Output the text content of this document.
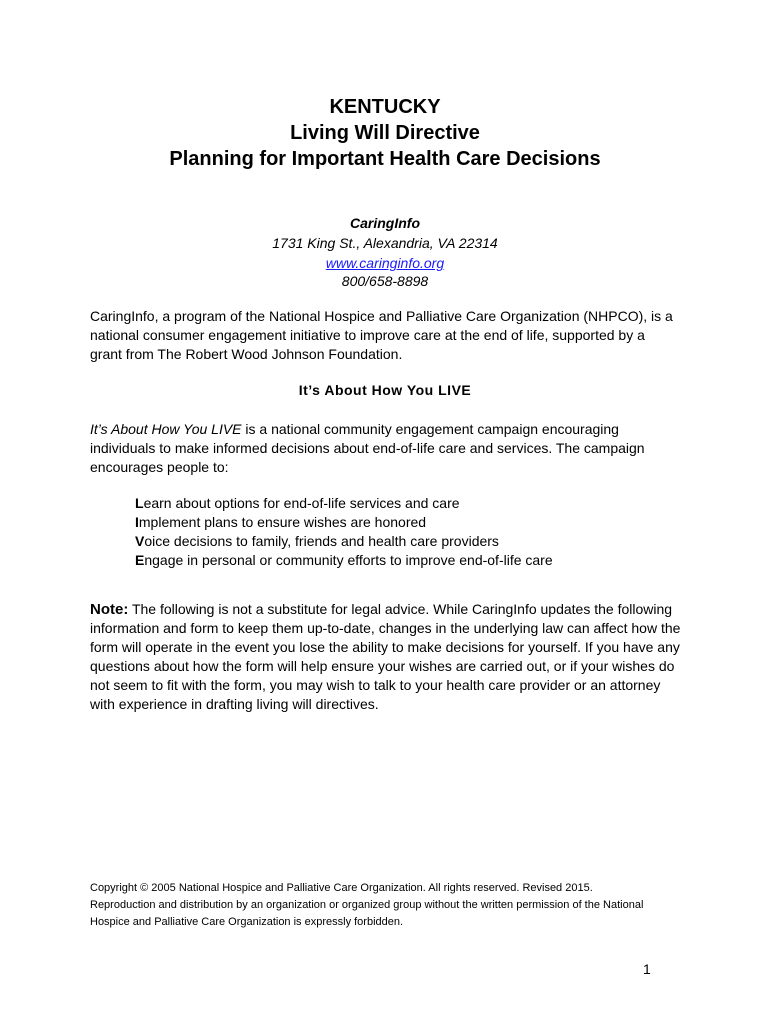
KENTUCKY
Living Will Directive
Planning for Important Health Care Decisions
CaringInfo
1731 King St., Alexandria, VA 22314
www.caringinfo.org
800/658-8898
CaringInfo, a program of the National Hospice and Palliative Care Organization (NHPCO), is a national consumer engagement initiative to improve care at the end of life, supported by a grant from The Robert Wood Johnson Foundation.
It’s About How You LIVE
It’s About How You LIVE is a national community engagement campaign encouraging individuals to make informed decisions about end-of-life care and services. The campaign encourages people to:
Learn about options for end-of-life services and care
Implement plans to ensure wishes are honored
Voice decisions to family, friends and health care providers
Engage in personal or community efforts to improve end-of-life care
Note: The following is not a substitute for legal advice. While CaringInfo updates the following information and form to keep them up-to-date, changes in the underlying law can affect how the form will operate in the event you lose the ability to make decisions for yourself. If you have any questions about how the form will help ensure your wishes are carried out, or if your wishes do not seem to fit with the form, you may wish to talk to your health care provider or an attorney with experience in drafting living will directives.
Copyright © 2005 National Hospice and Palliative Care Organization. All rights reserved. Revised 2015.
Reproduction and distribution by an organization or organized group without the written permission of the National Hospice and Palliative Care Organization is expressly forbidden.
1
